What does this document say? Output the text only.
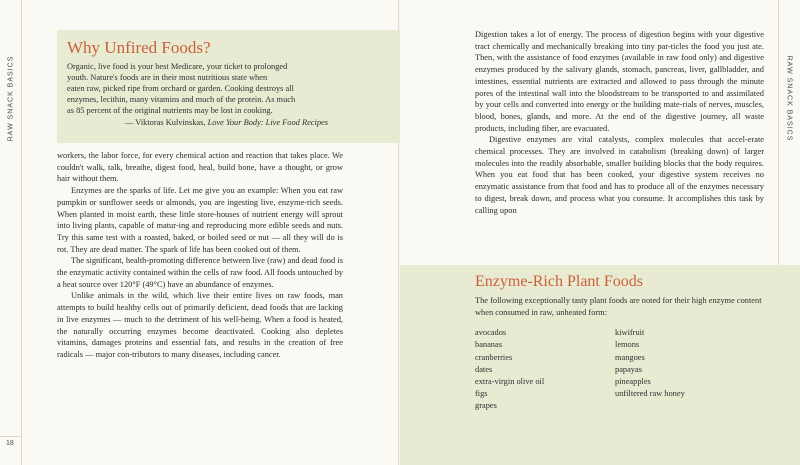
RAW SNACK BASICS
18
Why Unfired Foods?

Organic, live food is your best Medicare, your ticket to prolonged
youth. Nature's foods are in their most nutritious state when
eaten raw, picked ripe from orchard or garden. Cooking destroys all
enzymes, lecithin, many vitamins and much of the protein. As much
as 85 percent of the original nutrients may be lost in cooking.

— Viktoras Kulvinskas, Love Your Body: Live Food Recipes

workers, the labor force, for every chemical action and reaction that takes place. We couldn't walk, talk, breathe, digest food, heal, build bone, have a thought, or grow hair without them.

Enzymes are the sparks of life. Let me give you an example: When you eat raw pumpkin or sunflower seeds or almonds, you are ingesting live, enzyme-rich seeds. When planted in moist earth, these little store-houses of nutrient energy will sprout into living plants, capable of matur-ing and reproducing more edible seeds and nuts. Try this same test with a roasted, baked, or boiled seed or nut — all they will do is rot. They are dead matter. The spark of life has been cooked out of them.

The significant, health-promoting difference between live (raw) and dead food is the enzymatic activity contained within the cells of raw food. All foods untouched by a heat source over 120°F (49°C) have an abundance of enzymes.

Unlike animals in the wild, which live their entire lives on raw foods, man attempts to build healthy cells out of primarily deficient, dead foods that are lacking in live enzymes — much to the detriment of his well-being. When a food is heated, the naturally occurring enzymes become deactivated. Cooking also depletes vitamins, damages proteins and essential fats, and results in the creation of free radicals — major con-tributors to many diseases, including cancer.

RAW SNACK BASICS

Digestion takes a lot of energy. The process of digestion begins with your digestive tract chemically and mechanically breaking into tiny par-ticles the food you just ate. Then, with the assistance of food enzymes (available in raw food only) and digestive enzymes produced by the salivary glands, stomach, pancreas, liver, gallbladder, and intestines, essential nutrients are extracted and allowed to pass through the minute pores of the intestinal wall into the bloodstream to be transported to and assimilated by your cells and converted into energy or the building mate-rials of nerves, muscles, blood, bones, glands, and more. At the end of the digestive journey, all waste products, including fiber, are evacuated.

Digestive enzymes are vital catalysts, complex molecules that accel-erate chemical processes. They are involved in catabolism (breaking down) of larger molecules into the readily absorbable, smaller building blocks that the body requires. When you eat food that has been cooked, your digestive system receives no enzymatic assistance from that food and has to produce all of the enzymes necessary to digest, break down, and process what you consume. It accomplishes this task by calling upon

Enzyme-Rich Plant Foods

The following exceptionally tasty plant foods are noted for their high enzyme content when consumed in raw, unheated form:

avocados
bananas
cranberries
dates
extra-virgin olive oil
figs
grapes
kiwifruit
lemons
mangoes
papayas
pineapples
unfiltered raw honey
